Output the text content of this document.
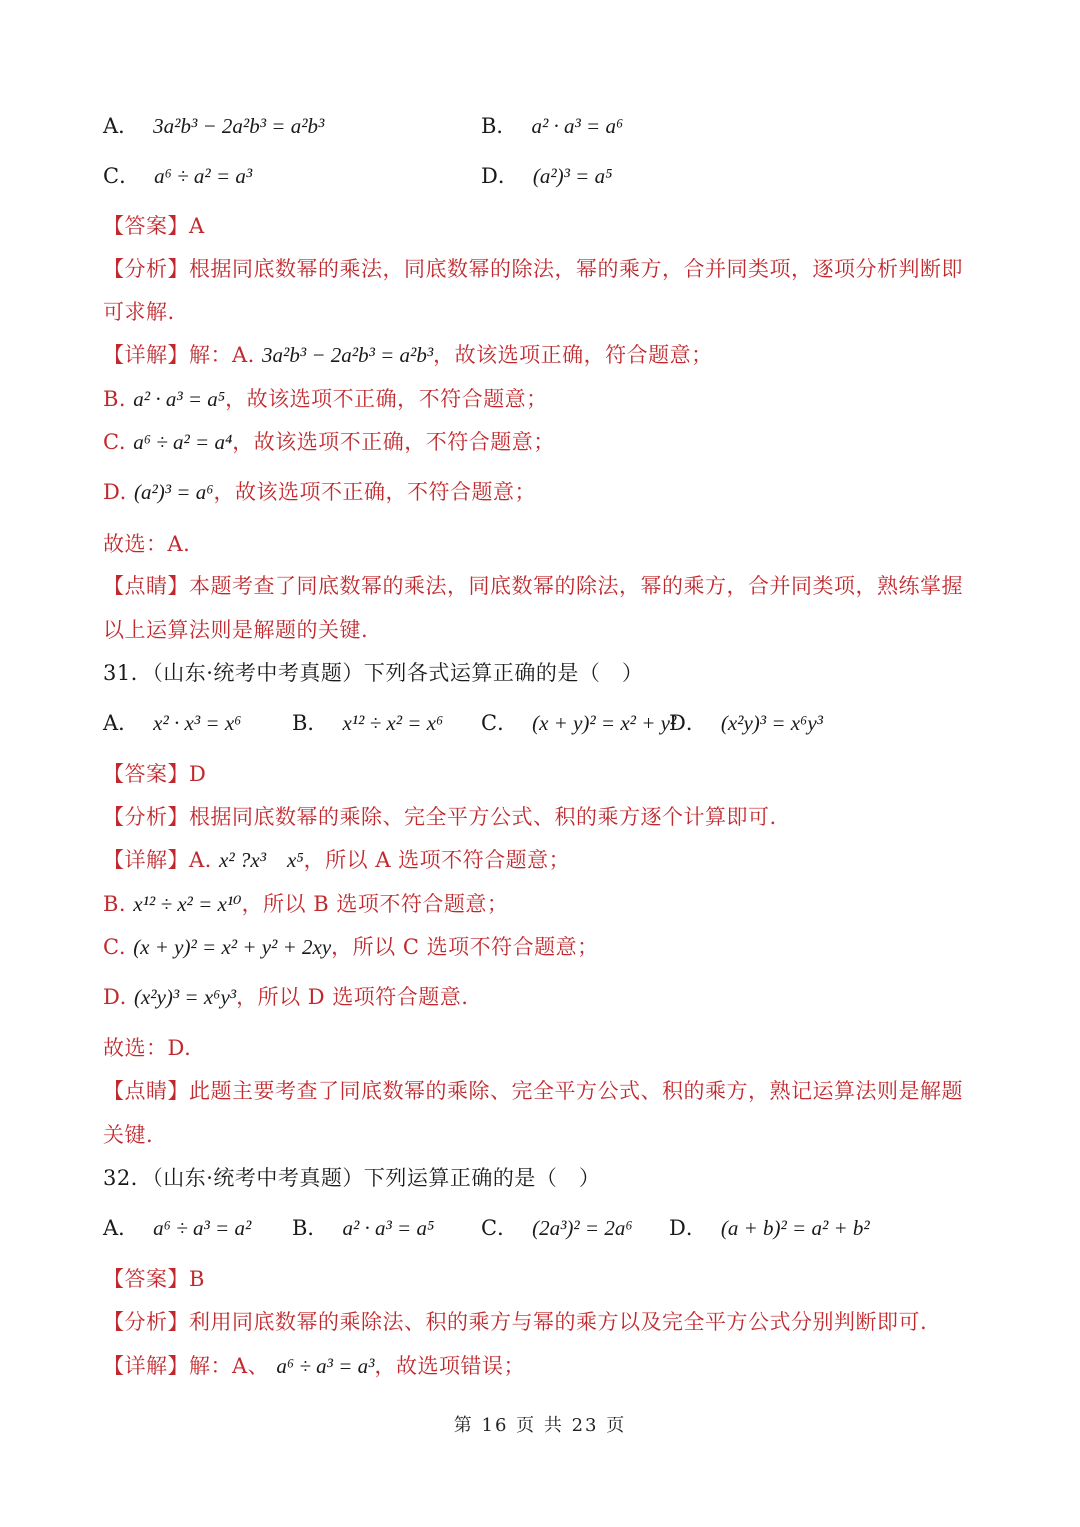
A． 3a²b³ − 2a²b³ = a²b³	B． a² · a³ = a⁶
C． a⁶ ÷ a² = a³	D． (a²)³ = a⁵
【答案】A
【分析】根据同底数幂的乘法，同底数幂的除法，幂的乘方，合并同类项，逐项分析判断即
可求解.
【详解】解：A. 3a²b³ − 2a²b³ = a²b³，故该选项正确，符合题意；
B. a² · a³ = a⁵，故该选项不正确，不符合题意；
C. a⁶ ÷ a² = a⁴，故该选项不正确，不符合题意；
D. (a²)³ = a⁶，故该选项不正确，不符合题意；
故选：A.
【点睛】本题考查了同底数幂的乘法，同底数幂的除法，幂的乘方，合并同类项，熟练掌握
以上运算法则是解题的关键.
31．（山东·统考中考真题）下列各式运算正确的是（　）
A． x² · x³ = x⁶ B． x¹² ÷ x² = x⁶ C． (x + y)² = x² + y²
D． (x²y)³ = x⁶y³
【答案】D
【分析】根据同底数幂的乘除、完全平方公式、积的乘方逐个计算即可.
【详解】A. x² ?x³　x⁵，所以 A 选项不符合题意；
B. x¹² ÷ x² = x¹⁰，所以 B 选项不符合题意；
C. (x + y)² = x² + y² + 2xy，所以 C 选项不符合题意；
D. (x²y)³ = x⁶y³，所以 D 选项符合题意.
故选：D.
【点睛】此题主要考查了同底数幂的乘除、完全平方公式、积的乘方，熟记运算法则是解题
关键.
32．（山东·统考中考真题）下列运算正确的是（　）
A． a⁶ ÷ a³ = a² B． a² · a³ = a⁵ C． (2a³)² = 2a⁶ D． (a + b)² = a² + b²
【答案】B
【分析】利用同底数幂的乘除法、积的乘方与幂的乘方以及完全平方公式分别判断即可.
【详解】解：A、 a⁶ ÷ a³ = a³，故选项错误；
第 16 页 共 23 页
